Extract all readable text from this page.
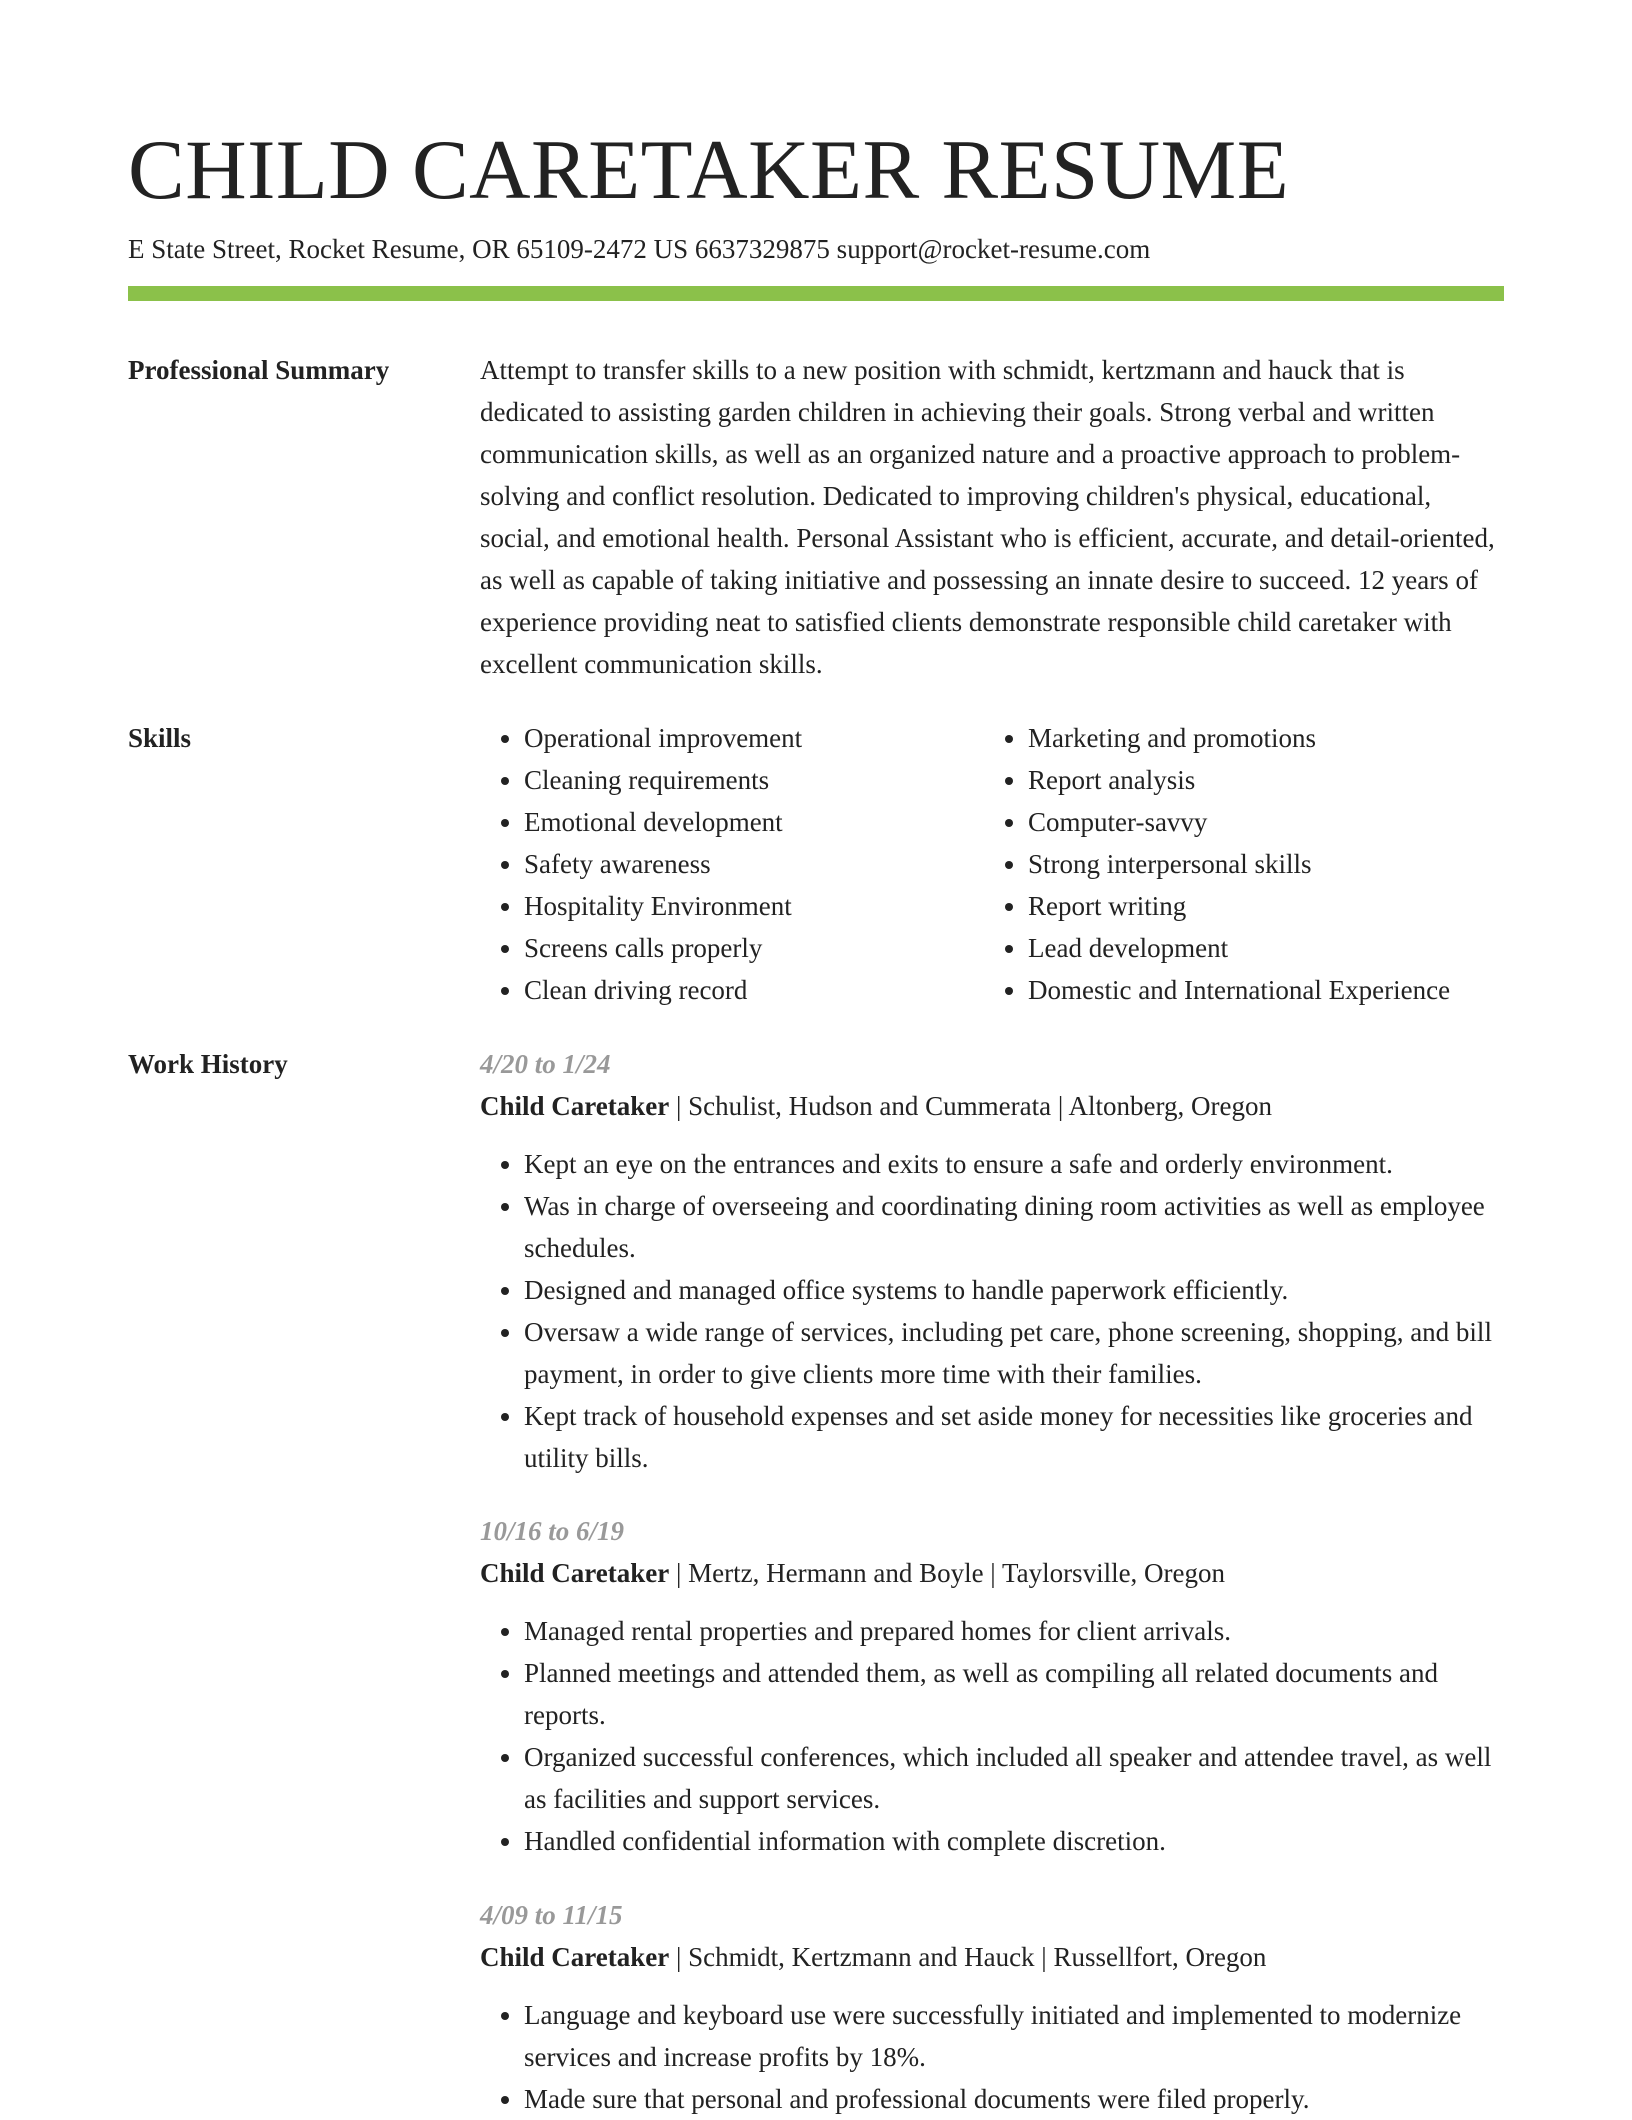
CHILD CARETAKER RESUME
E State Street, Rocket Resume, OR 65109-2472 US 6637329875 support@rocket-resume.com
Professional Summary	Attempt to transfer skills to a new position with schmidt, kertzmann and hauck that is dedicated to assisting garden children in achieving their goals. Strong verbal and written communication skills, as well as an organized nature and a proactive approach to problem-solving and conflict resolution. Dedicated to improving children's physical, educational, social, and emotional health. Personal Assistant who is efficient, accurate, and detail-oriented, as well as capable of taking initiative and possessing an innate desire to succeed. 12 years of experience providing neat to satisfied clients demonstrate responsible child caretaker with excellent communication skills.

Skills
•	Operational improvement
• Cleaning requirements
• Emotional development
• Safety awareness
• Hospitality Environment
• Screens calls properly
• Clean driving record
• Marketing and promotions
• Report analysis
• Computer-savvy
• Strong interpersonal skills
• Report writing
• Lead development
• Domestic and International Experience
Work History	4/20 to 1/24
Child Caretaker | Schulist, Hudson and Cummerata | Altonberg, Oregon
• Kept an eye on the entrances and exits to ensure a safe and orderly environment.
• Was in charge of overseeing and coordinating dining room activities as well as employee schedules.
• Designed and managed office systems to handle paperwork efficiently.
• Oversaw a wide range of services, including pet care, phone screening, shopping, and bill payment, in order to give clients more time with their families.
• Kept track of household expenses and set aside money for necessities like groceries and utility bills.
10/16 to 6/19
Child Caretaker | Mertz, Hermann and Boyle | Taylorsville, Oregon
• Managed rental properties and prepared homes for client arrivals.
• Planned meetings and attended them, as well as compiling all related documents and reports.
• Organized successful conferences, which included all speaker and attendee travel, as well as facilities and support services.
• Handled confidential information with complete discretion.
4/09 to 11/15
Child Caretaker | Schmidt, Kertzmann and Hauck | Russellfort, Oregon
• Language and keyboard use were successfully initiated and implemented to modernize services and increase profits by 18%.
• Made sure that personal and professional documents were filed properly.
